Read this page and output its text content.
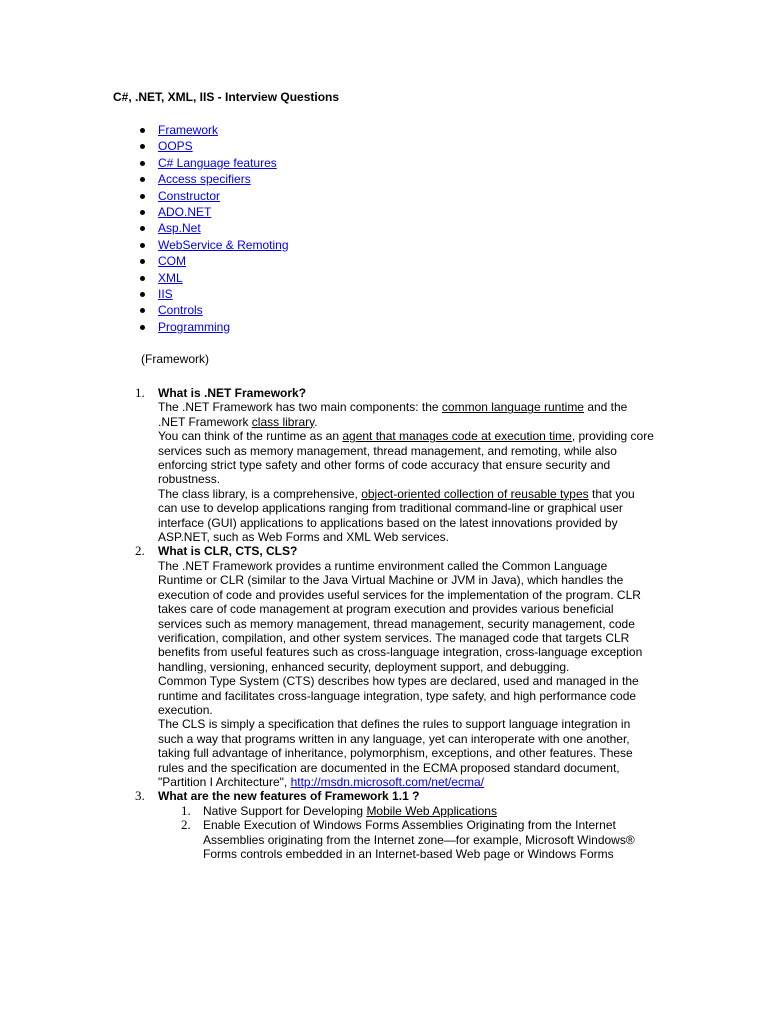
C#, .NET, XML, IIS - Interview Questions
Framework
OOPS
C# Language features
Access specifiers
Constructor
ADO.NET
Asp.Net
WebService & Remoting
COM
XML
IIS
Controls
Programming
(Framework)
1. What is .NET Framework?
The .NET Framework has two main components: the common language runtime and the .NET Framework class library.
You can think of the runtime as an agent that manages code at execution time, providing core services such as memory management, thread management, and remoting, while also enforcing strict type safety and other forms of code accuracy that ensure security and robustness.
The class library, is a comprehensive, object-oriented collection of reusable types that you can use to develop applications ranging from traditional command-line or graphical user interface (GUI) applications to applications based on the latest innovations provided by ASP.NET, such as Web Forms and XML Web services.
2. What is CLR, CTS, CLS?
The .NET Framework provides a runtime environment called the Common Language Runtime or CLR (similar to the Java Virtual Machine or JVM in Java), which handles the execution of code and provides useful services for the implementation of the program. CLR takes care of code management at program execution and provides various beneficial services such as memory management, thread management, security management, code verification, compilation, and other system services. The managed code that targets CLR benefits from useful features such as cross-language integration, cross-language exception handling, versioning, enhanced security, deployment support, and debugging.
Common Type System (CTS) describes how types are declared, used and managed in the runtime and facilitates cross-language integration, type safety, and high performance code execution.
The CLS is simply a specification that defines the rules to support language integration in such a way that programs written in any language, yet can interoperate with one another, taking full advantage of inheritance, polymorphism, exceptions, and other features. These rules and the specification are documented in the ECMA proposed standard document, "Partition I Architecture", http://msdn.microsoft.com/net/ecma/
3. What are the new features of Framework 1.1 ?
1. Native Support for Developing Mobile Web Applications
2. Enable Execution of Windows Forms Assemblies Originating from the Internet Assemblies originating from the Internet zone—for example, Microsoft Windows® Forms controls embedded in an Internet-based Web page or Windows Forms
